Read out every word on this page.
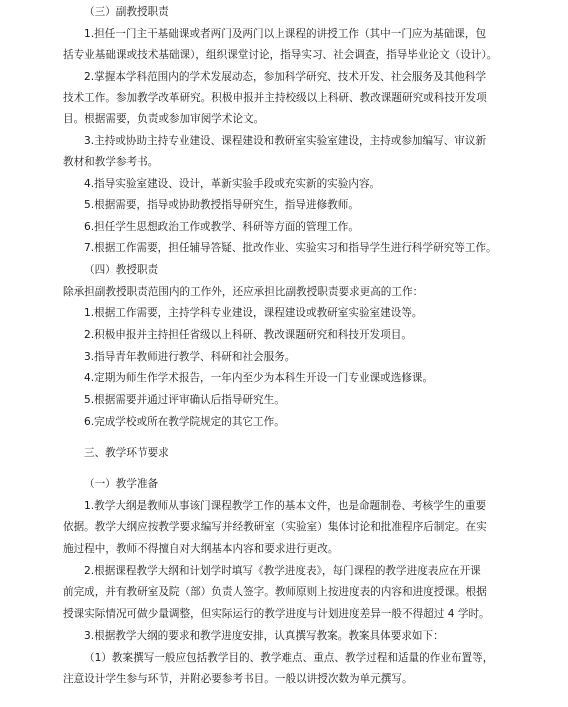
（三）副教授职责
1.担任一门主干基础课或者两门及两门以上课程的讲授工作（其中一门应为基础课，包
括专业基础课或技术基础课），组织课堂讨论，指导实习、社会调查，指导毕业论文（设计）。
2.掌握本学科范围内的学术发展动态，参加科学研究、技术开发、社会服务及其他科学
技术工作。参加教学改革研究。积极申报并主持校级以上科研、教改课题研究或科技开发项
目。根据需要，负责或参加审阅学术论文。
3.主持或协助主持专业建设、课程建设和教研室实验室建设，主持或参加编写、审议新
教材和教学参考书。
4.指导实验室建设、设计，革新实验手段或充实新的实验内容。
5.根据需要，指导或协助教授指导研究生，指导进修教师。
6.担任学生思想政治工作或教学、科研等方面的管理工作。
7.根据工作需要，担任辅导答疑、批改作业、实验实习和指导学生进行科学研究等工作。
（四）教授职责
除承担副教授职责范围内的工作外，还应承担比副教授职责要求更高的工作：
1.根据工作需要，主持学科专业建设，课程建设或教研室实验室建设等。
2.积极申报并主持担任省级以上科研、教改课题研究和科技开发项目。
3.指导青年教师进行教学、科研和社会服务。
4.定期为师生作学术报告，一年内至少为本科生开设一门专业课或选修课。
5.根据需要并通过评审确认后指导研究生。
6.完成学校或所在教学院规定的其它工作。
三、教学环节要求
（一）教学准备
1.教学大纲是教师从事该门课程教学工作的基本文件，也是命题制卷、考核学生的重要
依据。教学大纲应按教学要求编写并经教研室（实验室）集体讨论和批准程序后制定。在实
施过程中，教师不得擅自对大纲基本内容和要求进行更改。
2.根据课程教学大纲和计划学时填写《教学进度表》，每门课程的教学进度表应在开课
前完成，并有教研室及院（部）负责人签字。教师原则上按进度表的内容和进度授课。根据
授课实际情况可做少量调整，但实际运行的教学进度与计划进度差异一般不得超过 4 学时。
3.根据教学大纲的要求和教学进度安排，认真撰写教案。教案具体要求如下：
（1）教案撰写一般应包括教学目的、教学难点、重点、教学过程和适量的作业布置等，
注意设计学生参与环节，并附必要参考书目。一般以讲授次数为单元撰写。
